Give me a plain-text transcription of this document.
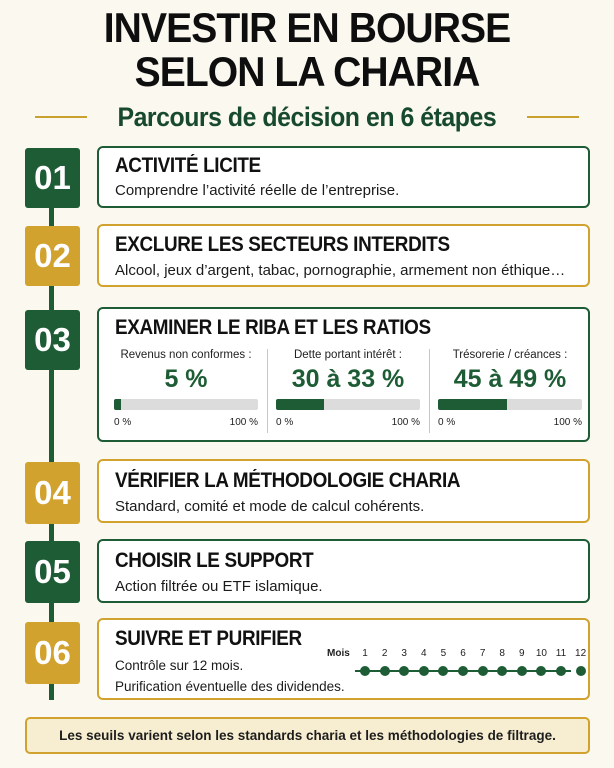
INVESTIR EN BOURSE
SELON LA CHARIA
Parcours de décision en 6 étapes
01	ACTIVITÉ LICITE
Comprendre l’activité réelle de l’entreprise.
02	EXCLURE LES SECTEURS INTERDITS
Alcool, jeux d’argent, tabac, pornographie, armement non éthique…
03	EXAMINER LE RIBA ET LES RATIOS
Revenus non conformes :
5 %
0 %	100 %
Dette portant intérêt :
30 à 33 %
0 %	100 %
Trésorerie / créances :
45 à 49 %
0 %	100 %
04	VÉRIFIER LA MÉTHODOLOGIE CHARIA
Standard, comité et mode de calcul cohérents.
05	CHOISIR LE SUPPORT
Action filtrée ou ETF islamique.
06	SUIVRE ET PURIFIER
Contrôle sur 12 mois.
Purification éventuelle des dividendes.
Mois	1	2	3	4	5	6	7	8	9	10 11 12
Les seuils varient selon les standards charia et les méthodologies de filtrage.
